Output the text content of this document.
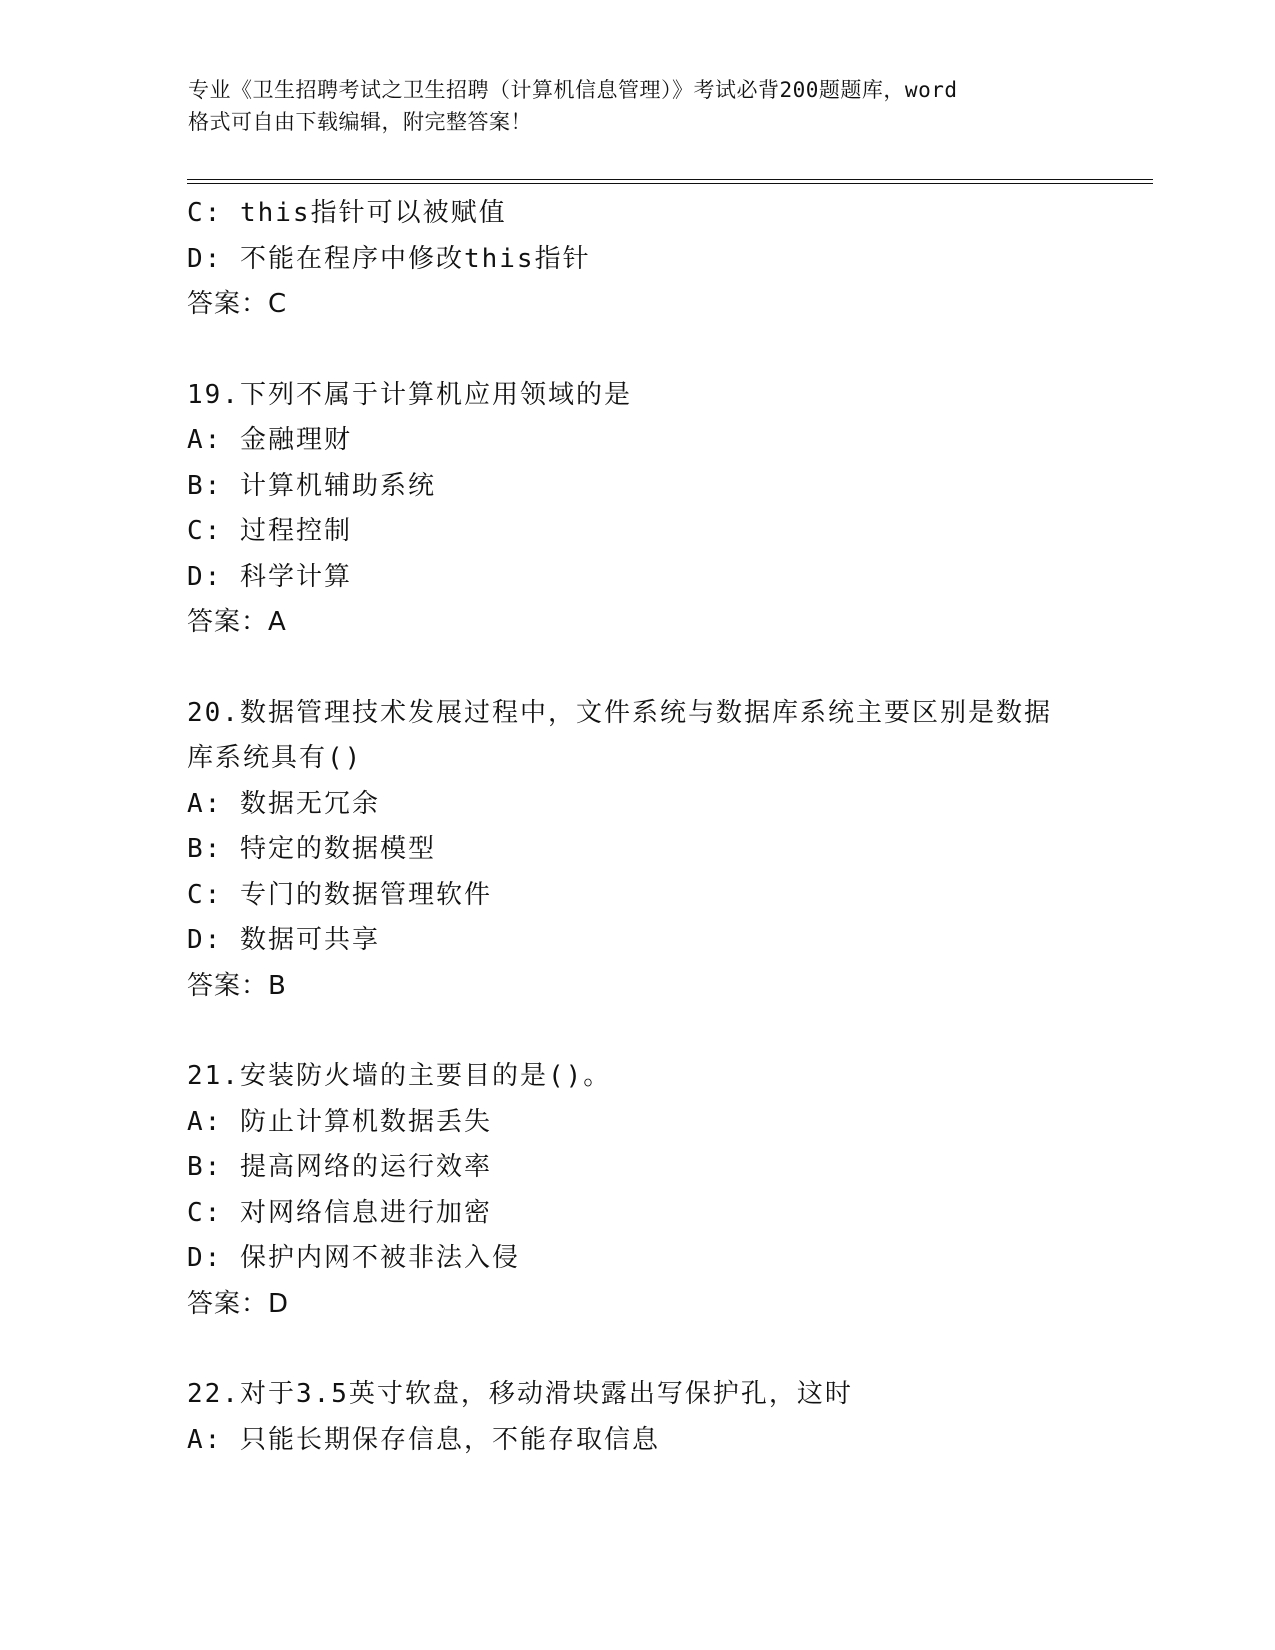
专业《卫生招聘考试之卫生招聘（计算机信息管理）》考试必背200题题库，word
格式可自由下载编辑，附完整答案！
C: this指针可以被赋值
D: 不能在程序中修改this指针
答案：C
19.下列不属于计算机应用领域的是
A: 金融理财
B: 计算机辅助系统
C: 过程控制
D: 科学计算
答案：A
20.数据管理技术发展过程中，文件系统与数据库系统主要区别是数据
库系统具有()
A: 数据无冗余
B: 特定的数据模型
C: 专门的数据管理软件
D: 数据可共享
答案：B
21.安装防火墙的主要目的是()。
A: 防止计算机数据丢失
B: 提高网络的运行效率
C: 对网络信息进行加密
D: 保护内网不被非法入侵
答案：D
22.对于3.5英寸软盘，移动滑块露出写保护孔，这时
A: 只能长期保存信息，不能存取信息
